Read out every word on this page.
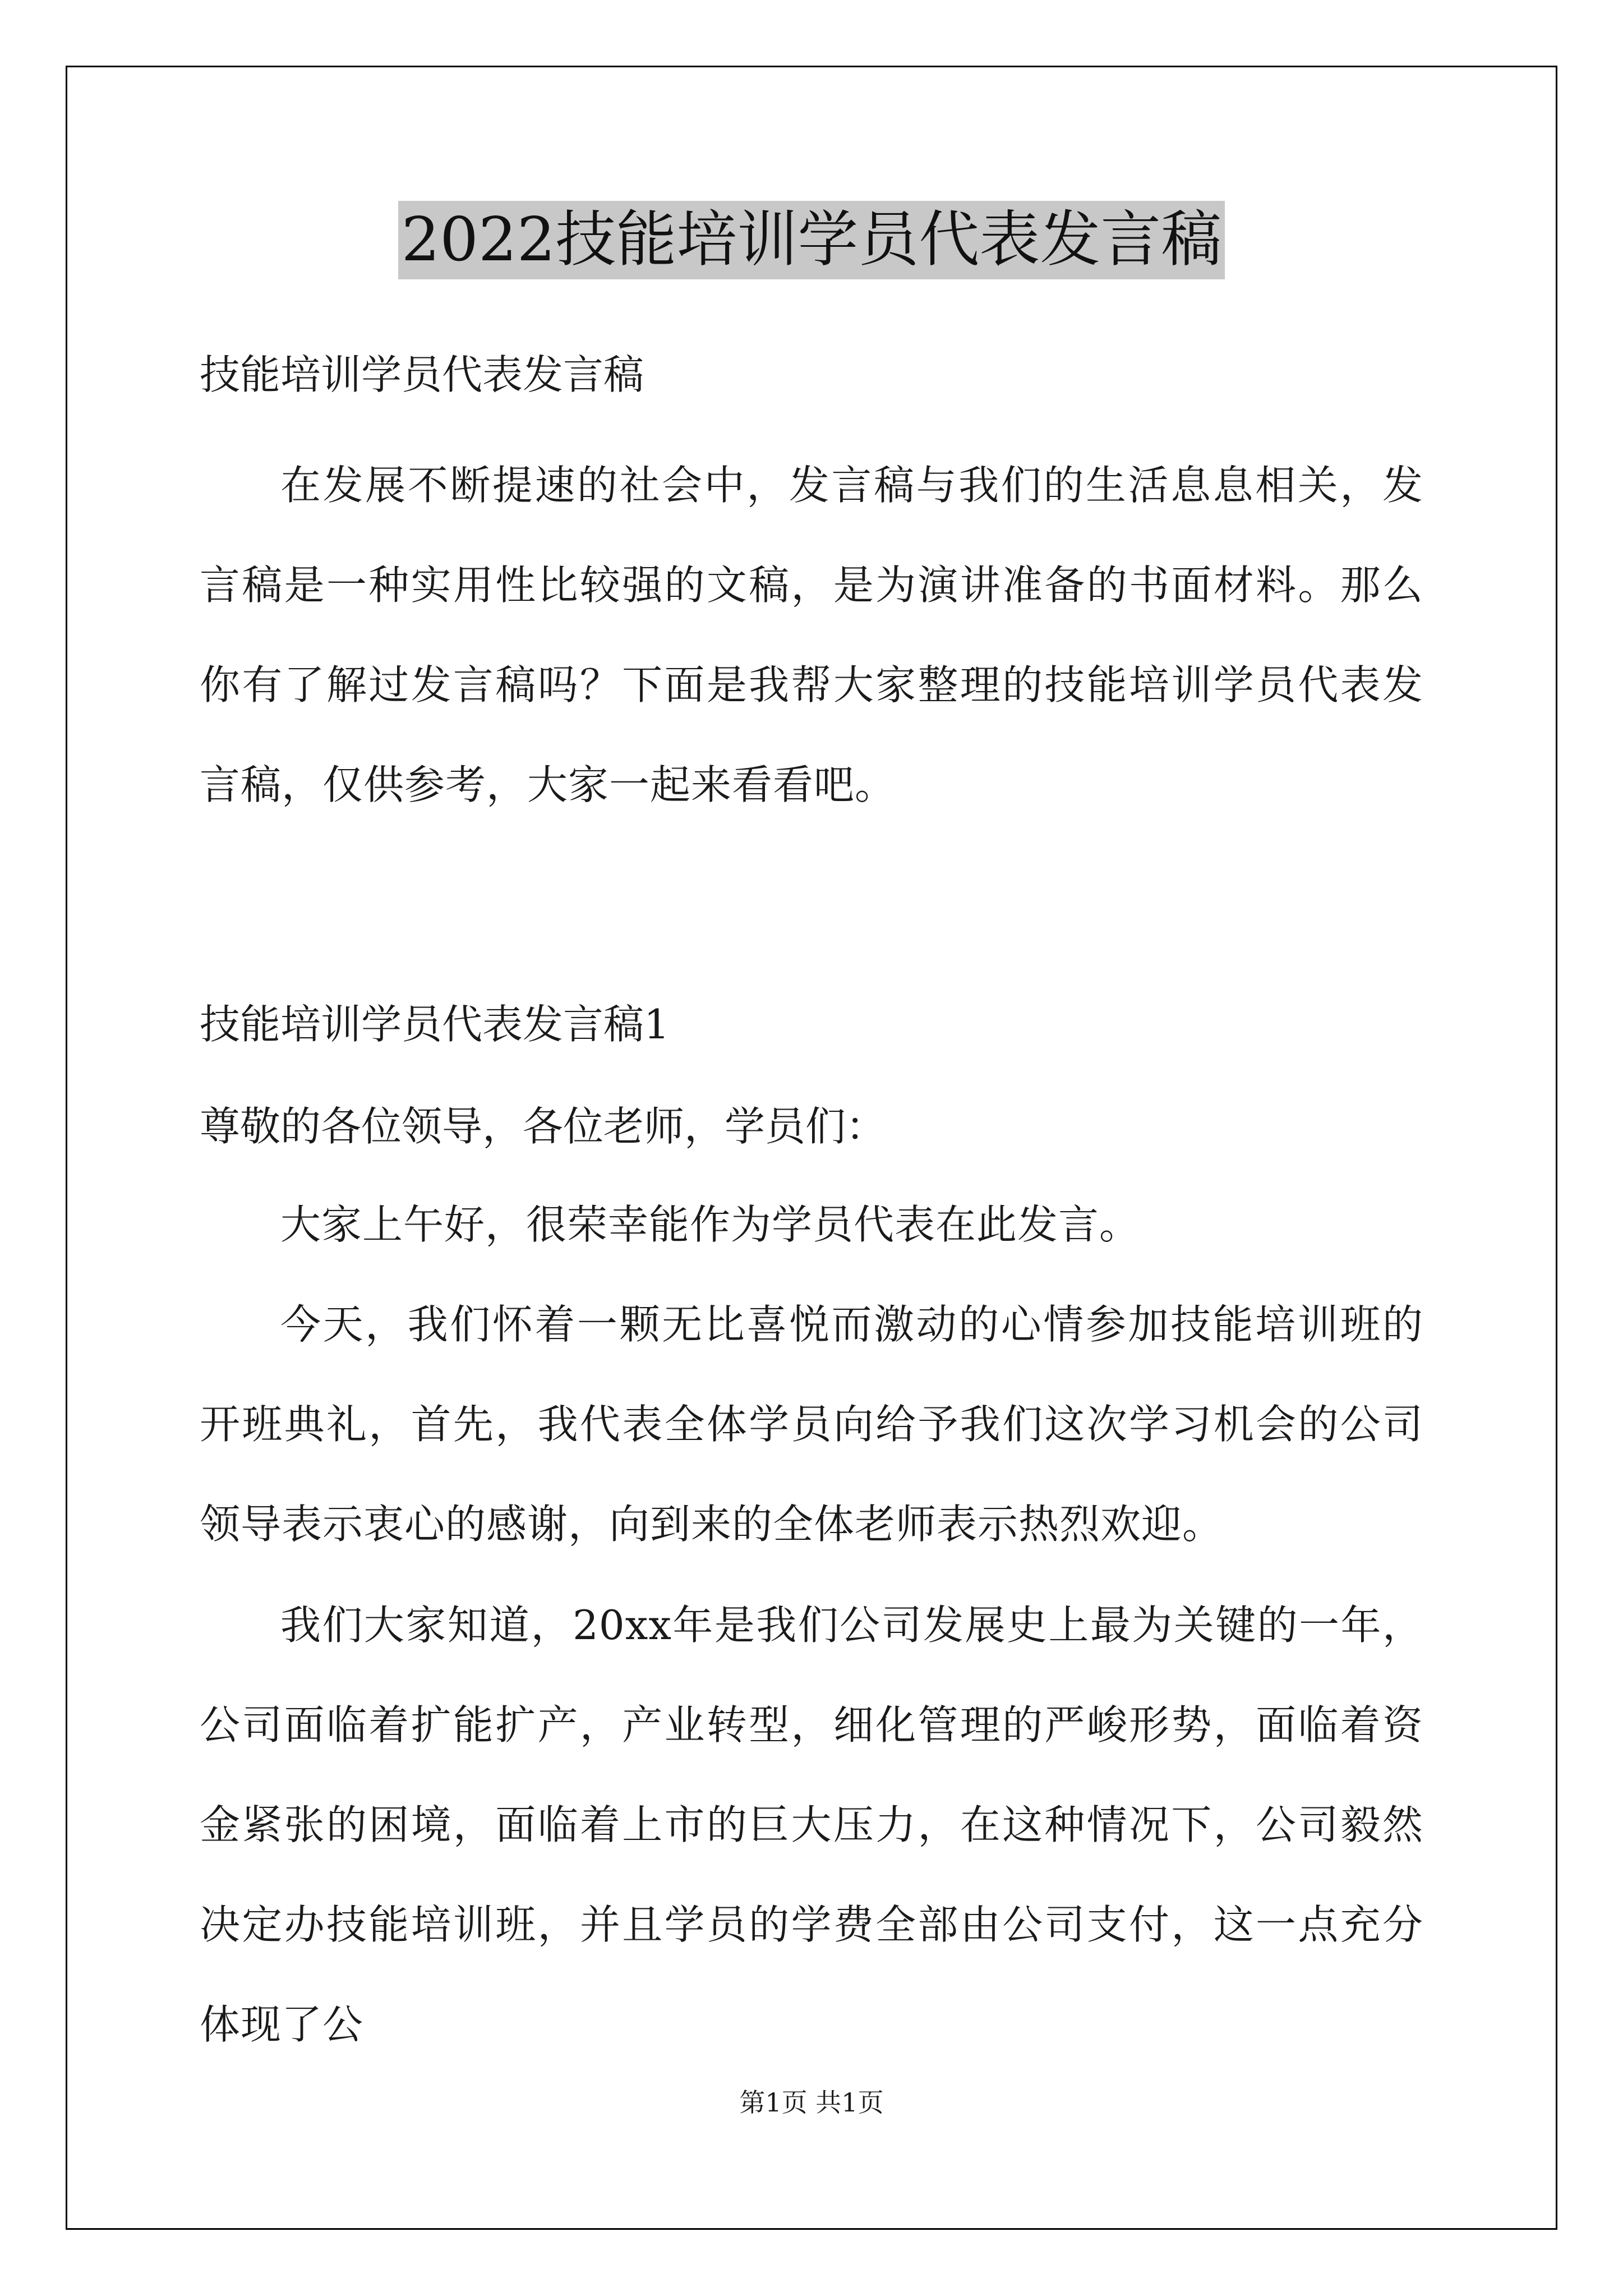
2022技能培训学员代表发言稿
技能培训学员代表发言稿
在发展不断提速的社会中，发言稿与我们的生活息息相关，发言稿是一种实用性比较强的文稿，是为演讲准备的书面材料。那么你有了解过发言稿吗？下面是我帮大家整理的技能培训学员代表发言稿，仅供参考，大家一起来看看吧。
技能培训学员代表发言稿1
尊敬的各位领导，各位老师，学员们：
大家上午好，很荣幸能作为学员代表在此发言。
今天，我们怀着一颗无比喜悦而激动的心情参加技能培训班的开班典礼，首先，我代表全体学员向给予我们这次学习机会的公司领导表示衷心的感谢，向到来的全体老师表示热烈欢迎。
我们大家知道，20xx年是我们公司发展史上最为关键的一年，公司面临着扩能扩产，产业转型，细化管理的严峻形势，面临着资金紧张的困境，面临着上市的巨大压力，在这种情况下，公司毅然决定办技能培训班，并且学员的学费全部由公司支付，这一点充分体现了公
第1页 共1页
